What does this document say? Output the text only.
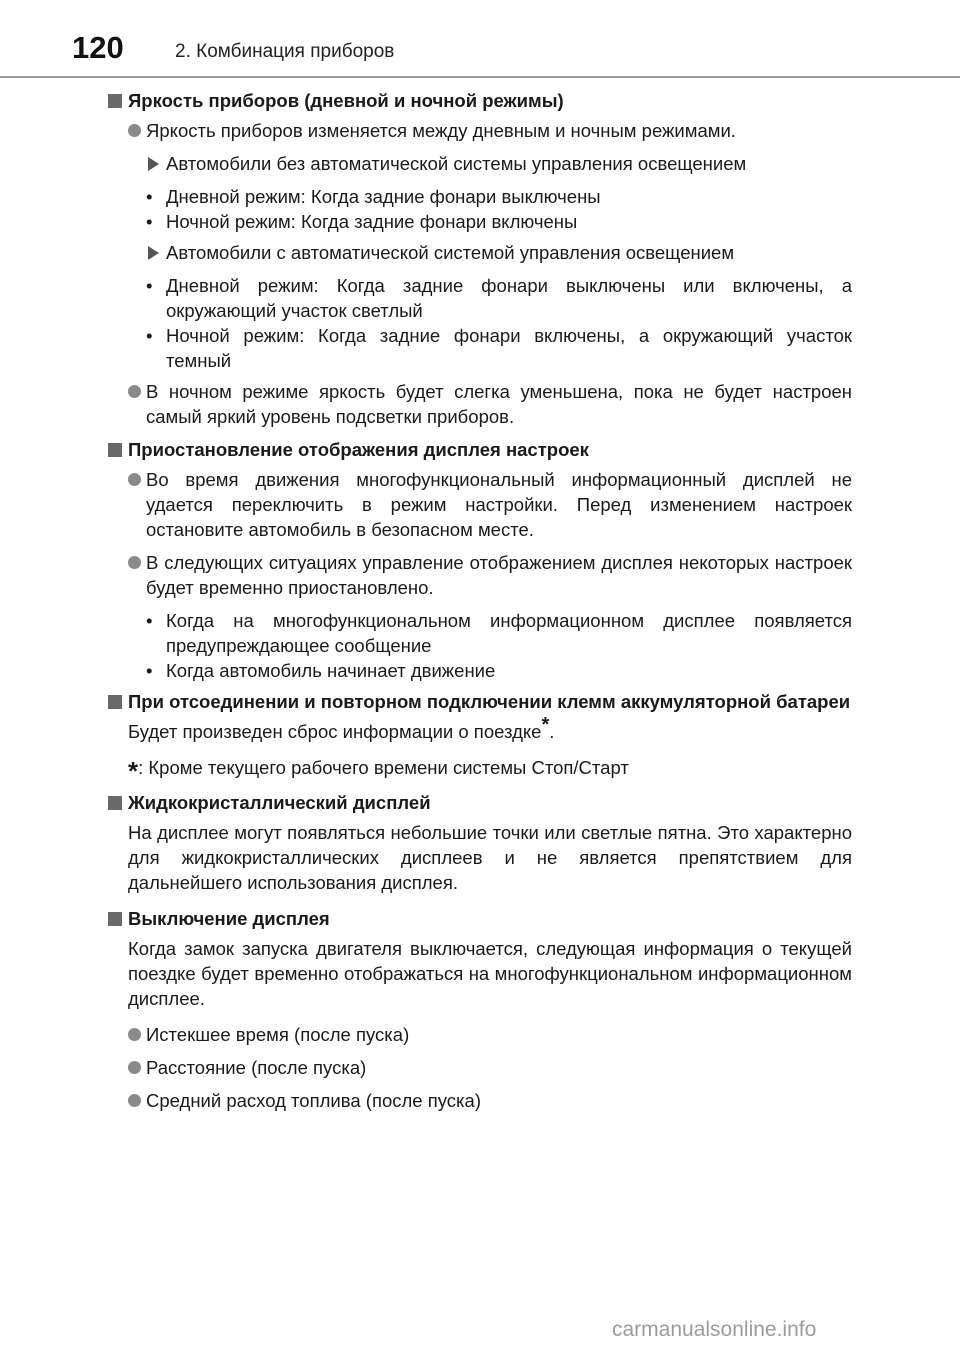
120	2. Комбинация приборов
Яркость приборов (дневной и ночной режимы)
Яркость приборов изменяется между дневным и ночным режимами.
Автомобили без автоматической системы управления освещением
• Дневной режим: Когда задние фонари выключены
• Ночной режим: Когда задние фонари включены
Автомобили с автоматической системой управления освещением
• Дневной режим: Когда задние фонари выключены или включены, а окружающий участок светлый
• Ночной режим: Когда задние фонари включены, а окружающий участок темный
В ночном режиме яркость будет слегка уменьшена, пока не будет настроен самый яркий уровень подсветки приборов.
Приостановление отображения дисплея настроек
Во время движения многофункциональный информационный дисплей не удается переключить в режим настройки. Перед изменением настроек остановите автомобиль в безопасном месте.
В следующих ситуациях управление отображением дисплея некоторых настроек будет временно приостановлено.
• Когда на многофункциональном информационном дисплее появляется предупреждающее сообщение
• Когда автомобиль начинает движение
При отсоединении и повторном подключении клемм аккумуляторной батареи
Будет произведен сброс информации о поездке*.
*: Кроме текущего рабочего времени системы Стоп/Старт
Жидкокристаллический дисплей
На дисплее могут появляться небольшие точки или светлые пятна. Это характерно для жидкокристаллических дисплеев и не является препятствием для дальнейшего использования дисплея.
Выключение дисплея
Когда замок запуска двигателя выключается, следующая информация о текущей поездке будет временно отображаться на многофункциональном информационном дисплее.
Истекшее время (после пуска)
Расстояние (после пуска)
Средний расход топлива (после пуска)
carmanualsonline.info
